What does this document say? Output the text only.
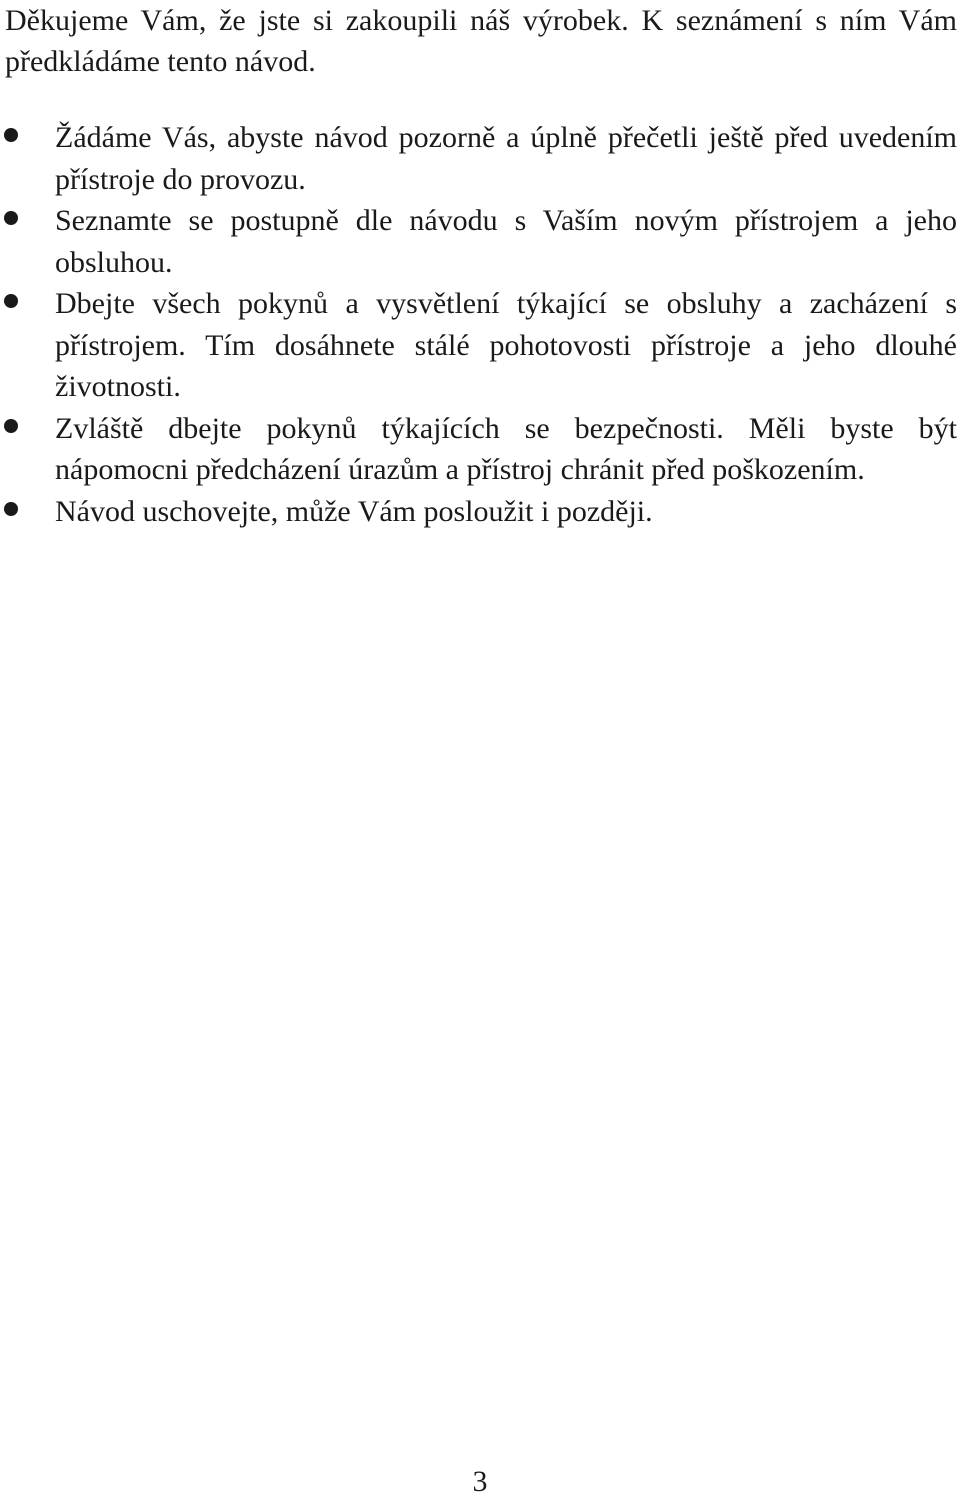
Děkujeme Vám, že jste si zakoupili náš výrobek. K seznámení s ním Vám předkládáme tento návod.

Žádáme Vás, abyste návod pozorně a úplně přečetli ještě před uvedením přístroje do provozu.
Seznamte se postupně dle návodu s Vaším novým přístrojem a jeho obsluhou.
Dbejte všech pokynů a vysvětlení týkající se obsluhy a zacházení s přístrojem. Tím dosáhnete stálé pohotovosti přístroje a jeho dlouhé životnosti.
Zvláště dbejte pokynů týkajících se bezpečnosti. Měli byste být nápomocni předcházení úrazům a přístroj chránit před poškozením.
Návod uschovejte, může Vám posloužit i později.
3
